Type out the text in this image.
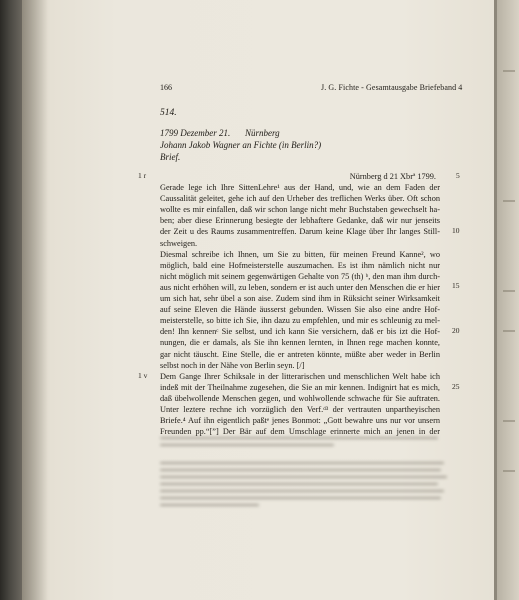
166	J. G. Fichte - Gesamtausgabe Briefeband 4
514.
1799 Dezember 21. Nürnberg
Johann Jakob Wagner an Fichte (in Berlin?)
Brief.
1 r
1 v
5
10
15
20
25
Nürnberg d 21 Xbrª 1799.
Gerade lege ich Ihre SittenLehre¹ aus der Hand, und, wie an dem Faden der
Caussalität geleitet, gehe ich auf den Urheber des treflichen Werks über. Oft schon
wollte es mir einfallen, daß wir schon lange nicht mehr Buchstaben gewechselt ha-
ben; aber diese Erinnerung besiegte der lebhaftere Gedanke, daß wir nur jenseits
der Zeit u des Raums zusammentreffen. Darum keine Klage über Ihr langes Still-
schweigen.
Diesmal schreibe ich Ihnen, um Sie zu bitten, für meinen Freund Kanne², wo
möglich, bald eine Hofmeisterstelle auszumachen. Es ist ihm nämlich nicht nur
nicht möglich mit seinem gegenwärtigen Gehalte von 75 (th) ᵇ, den man ihm durch-
aus nicht erhöhen will, zu leben, sondern er ist auch unter den Menschen die er hier
um sich hat, sehr übel a son aise. Zudem sind ihm in Rüksicht seiner Wirksamkeit
auf seine Eleven die Hände äusserst gebunden. Wissen Sie also eine andre Hof-
meisterstelle, so bitte ich Sie, ihn dazu zu empfehlen, und mir es schleunig zu mel-
den! Ihn kennenᶜ Sie selbst, und ich kann Sie versichern, daß er bis izt die Hof-
nungen, die er damals, als Sie ihn kennen lernten, in Ihnen rege machen konnte,
gar nicht täuscht. Eine Stelle, die er antreten könnte, müßte aber weder in Berlin
selbst noch in der Nähe von Berlin seyn. [/]
Dem Gange Ihrer Schiksale in der litterarischen und menschlichen Welt habe ich
indeß mit der Theilnahme zugesehen, die Sie an mir kennen. Indignirt hat es mich,
daß übelwollende Menschen gegen, und wohlwollende schwache für Sie auftraten.
Unter leztere rechne ich vorzüglich den Verf.ᵈ³ der vertrauten unpartheyischen
Briefe.⁴ Auf ihn eigentlich paßtᵉ jenes Bonmot: „Gott bewahre uns nur vor unsern
Freunden pp.“[”] Der Bär auf dem Umschlage erinnerte mich an jenen in der
